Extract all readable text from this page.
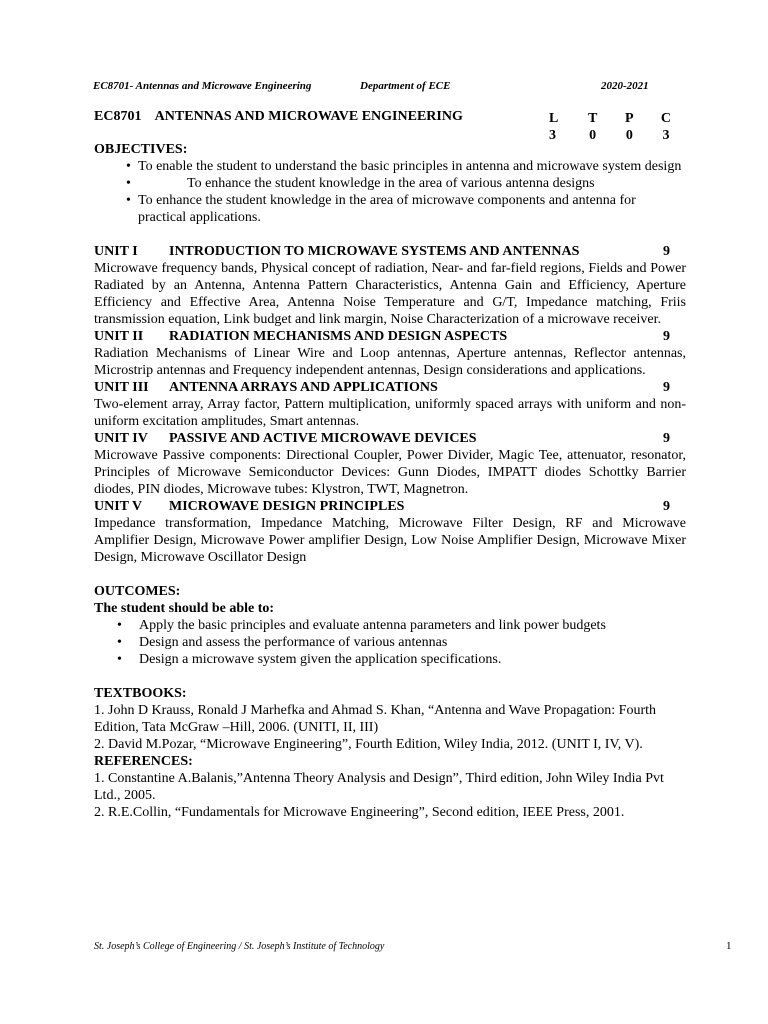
EC8701- Antennas and Microwave Engineering	Department of ECE	2020-2021
EC8701    ANTENNAS AND MICROWAVE ENGINEERING	L	T P C
3	0 0 3
OBJECTIVES:
• To enable the student to understand the basic principles in antenna and microwave system design
• To enhance the student knowledge in the area of various antenna designs
• To enhance the student knowledge in the area of microwave components and antenna for practical applications.
UNIT I INTRODUCTION TO MICROWAVE SYSTEMS AND ANTENNAS	9
Microwave frequency bands, Physical concept of radiation, Near- and far-field regions, Fields and Power Radiated by an Antenna, Antenna Pattern Characteristics, Antenna Gain and Efficiency, Aperture Efficiency and Effective Area, Antenna Noise Temperature and G/T, Impedance matching, Friis transmission equation, Link budget and link margin, Noise Characterization of a microwave receiver.
UNIT II RADIATION MECHANISMS AND DESIGN ASPECTS	9
Radiation Mechanisms of Linear Wire and Loop antennas, Aperture antennas, Reflector antennas, Microstrip antennas and Frequency independent antennas, Design considerations and applications.
UNIT III ANTENNA ARRAYS AND APPLICATIONS	9
Two-element array, Array factor, Pattern multiplication, uniformly spaced arrays with uniform and non-uniform excitation amplitudes, Smart antennas.
UNIT IV PASSIVE AND ACTIVE MICROWAVE DEVICES	9
Microwave Passive components: Directional Coupler, Power Divider, Magic Tee, attenuator, resonator, Principles of Microwave Semiconductor Devices: Gunn Diodes, IMPATT diodes Schottky Barrier diodes, PIN diodes, Microwave tubes: Klystron, TWT, Magnetron.
UNIT V MICROWAVE DESIGN PRINCIPLES	9
Impedance transformation, Impedance Matching, Microwave Filter Design, RF and Microwave Amplifier Design, Microwave Power amplifier Design, Low Noise Amplifier Design, Microwave Mixer Design, Microwave Oscillator Design
OUTCOMES:
The student should be able to:
• Apply the basic principles and evaluate antenna parameters and link power budgets
• Design and assess the performance of various antennas
• Design a microwave system given the application specifications.
TEXTBOOKS:
1. John D Krauss, Ronald J Marhefka and Ahmad S. Khan, “Antenna and Wave Propagation: Fourth Edition, Tata McGraw –Hill, 2006. (UNITI, II, III)
2. David M.Pozar, “Microwave Engineering”, Fourth Edition, Wiley India, 2012. (UNIT I, IV, V).
REFERENCES:
1. Constantine A.Balanis,”Antenna Theory Analysis and Design”, Third edition, John Wiley India Pvt Ltd., 2005.
2. R.E.Collin, “Fundamentals for Microwave Engineering”, Second edition, IEEE Press, 2001.
St. Joseph’s College of Engineering / St. Joseph’s Institute of Technology	1
